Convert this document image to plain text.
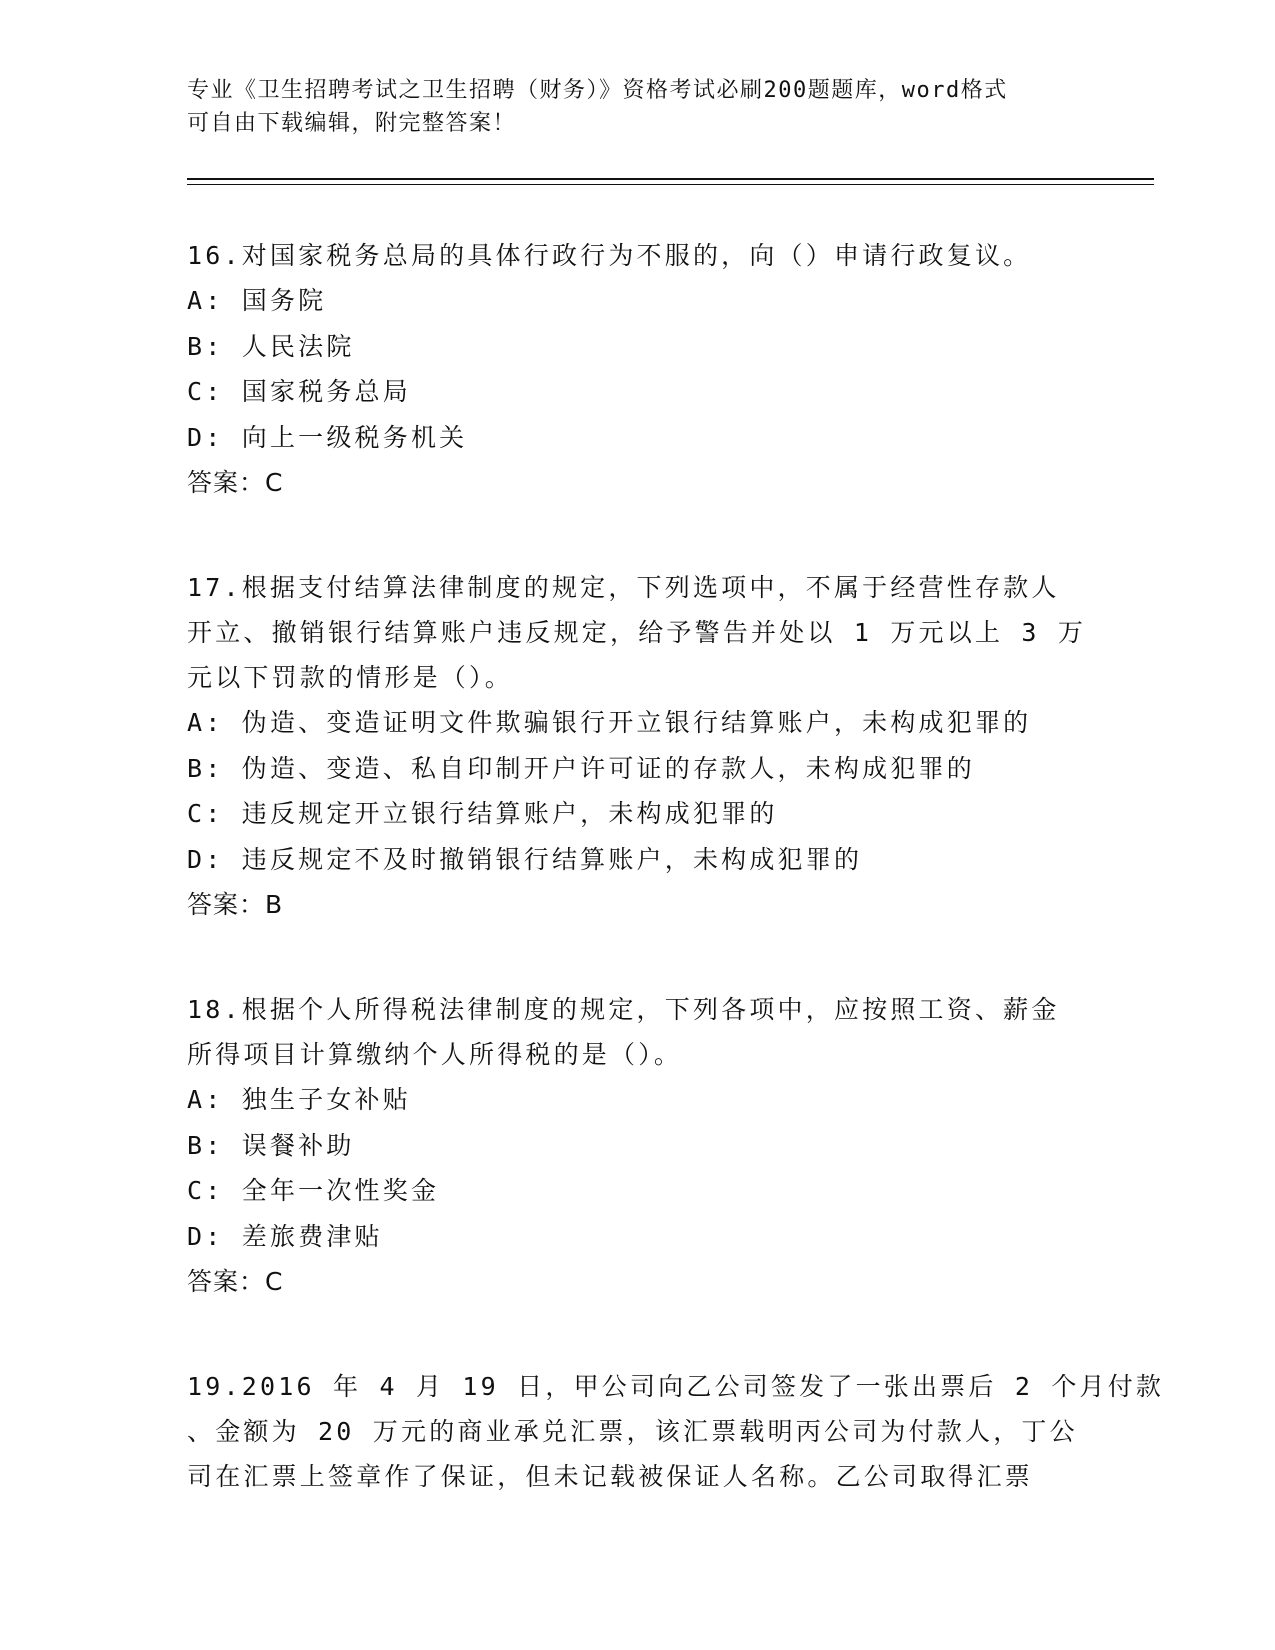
专业《卫生招聘考试之卫生招聘（财务）》资格考试必刷200题题库，word格式
可自由下载编辑，附完整答案！
16.对国家税务总局的具体行政行为不服的，向（）申请行政复议。
A: 国务院
B: 人民法院
C: 国家税务总局
D: 向上一级税务机关
答案：C
17.根据支付结算法律制度的规定，下列选项中，不属于经营性存款人
开立、撤销银行结算账户违反规定，给予警告并处以 1 万元以上 3 万
元以下罚款的情形是（）。
A: 伪造、变造证明文件欺骗银行开立银行结算账户，未构成犯罪的
B: 伪造、变造、私自印制开户许可证的存款人，未构成犯罪的
C: 违反规定开立银行结算账户，未构成犯罪的
D: 违反规定不及时撤销银行结算账户，未构成犯罪的
答案：B
18.根据个人所得税法律制度的规定，下列各项中，应按照工资、薪金
所得项目计算缴纳个人所得税的是（）。
A: 独生子女补贴
B: 误餐补助
C: 全年一次性奖金
D: 差旅费津贴
答案：C
19.2016 年 4 月 19 日，甲公司向乙公司签发了一张出票后 2 个月付款
、金额为 20 万元的商业承兑汇票，该汇票载明丙公司为付款人，丁公
司在汇票上签章作了保证，但未记载被保证人名称。乙公司取得汇票
